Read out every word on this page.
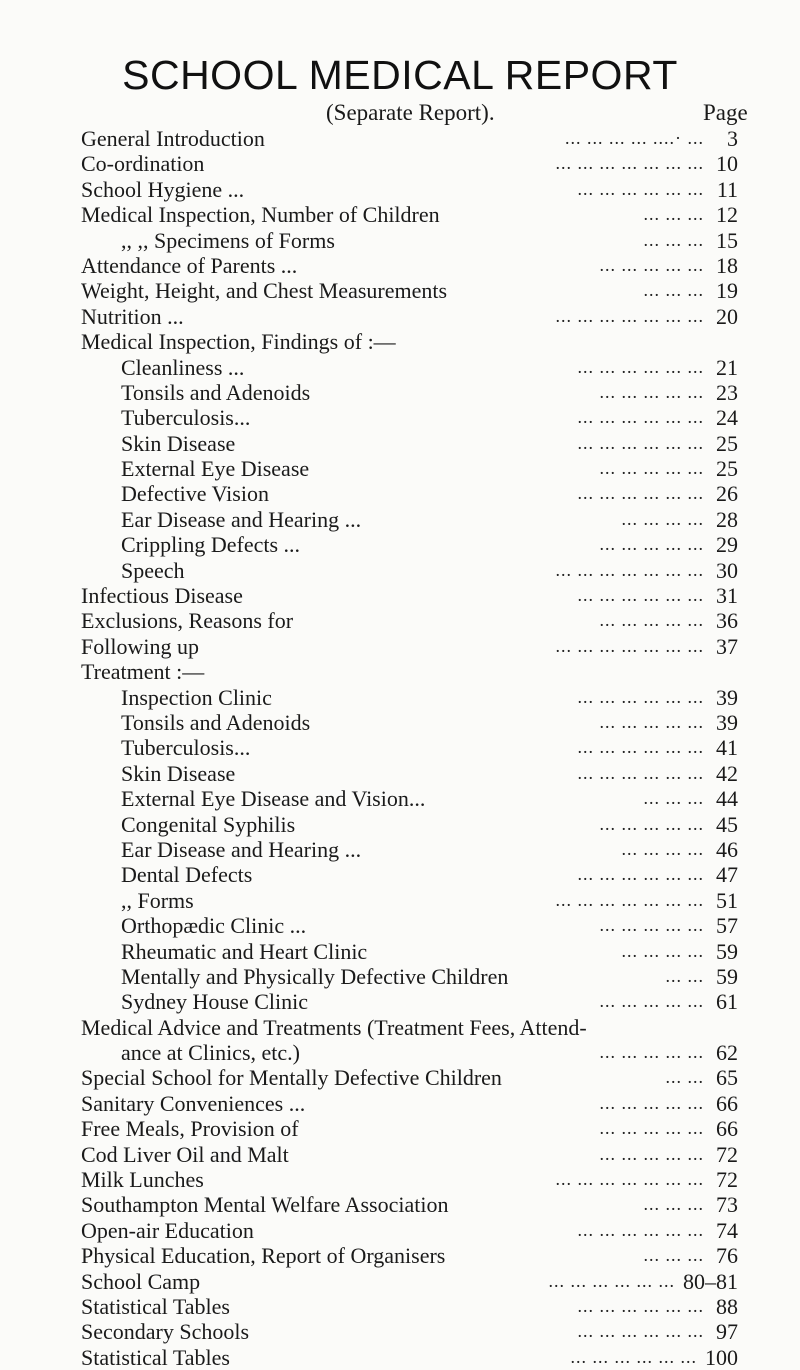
SCHOOL MEDICAL REPORT
(Separate Report).	Page
General Introduction	... ... ... ... ....· ... 3
Co-ordination	... ... ... ... ... ... ... 10
School Hygiene ...	... ... ... ... ... ... 11
Medical Inspection, Number of Children	... ... ... 12
,, ,, Specimens of Forms	... ... ... 15
Attendance of Parents ...	... ... ... ... ... 18
Weight, Height, and Chest Measurements	... ... ... 19
Nutrition ...	... ... ... ... ... ... ... 20
Medical Inspection, Findings of :—
Cleanliness ...	... ... ... ... ... ... 21
Tonsils and Adenoids	... ... ... ... ... 23
Tuberculosis...	... ... ... ... ... ... 24
Skin Disease	... ... ... ... ... ... 25
External Eye Disease	... ... ... ... ... 25
Defective Vision	... ... ... ... ... ... 26
Ear Disease and Hearing ...	... ... ... ... 28
Crippling Defects ...	... ... ... ... ... 29
Speech	... ... ... ... ... ... ... 30
Infectious Disease	... ... ... ... ... ... 31
Exclusions, Reasons for	... ... ... ... ... 36
Following up	... ... ... ... ... ... ... 37
Treatment :—
Inspection Clinic	... ... ... ... ... ... 39
Tonsils and Adenoids	... ... ... ... ... 39
Tuberculosis...	... ... ... ... ... ... 41
Skin Disease	... ... ... ... ... ... 42
External Eye Disease and Vision...	... ... ... 44
Congenital Syphilis	... ... ... ... ... 45
Ear Disease and Hearing ...	... ... ... ... 46
Dental Defects	... ... ... ... ... ... 47
,, Forms	... ... ... ... ... ... ... 51
Orthopædic Clinic ...	... ... ... ... ... 57
Rheumatic and Heart Clinic	... ... ... ... 59
Mentally and Physically Defective Children	... ... 59
Sydney House Clinic	... ... ... ... ... 61
Medical Advice and Treatments (Treatment Fees, Attend-
ance at Clinics, etc.)	... ... ... ... ... 62
Special School for Mentally Defective Children	... ... 65
Sanitary Conveniences ...	... ... ... ... ... 66
Free Meals, Provision of	... ... ... ... ... 66
Cod Liver Oil and Malt	... ... ... ... ... 72
Milk Lunches	... ... ... ... ... ... ... 72
Southampton Mental Welfare Association	... ... ... 73
Open-air Education	... ... ... ... ... ... 74
Physical Education, Report of Organisers	... ... ... 76
School Camp	... ... ... ... ... ... 80–81
Statistical Tables	... ... ... ... ... ... 88
Secondary Schools	... ... ... ... ... ... 97
Statistical Tables	... ... ... ... ... ... 100
